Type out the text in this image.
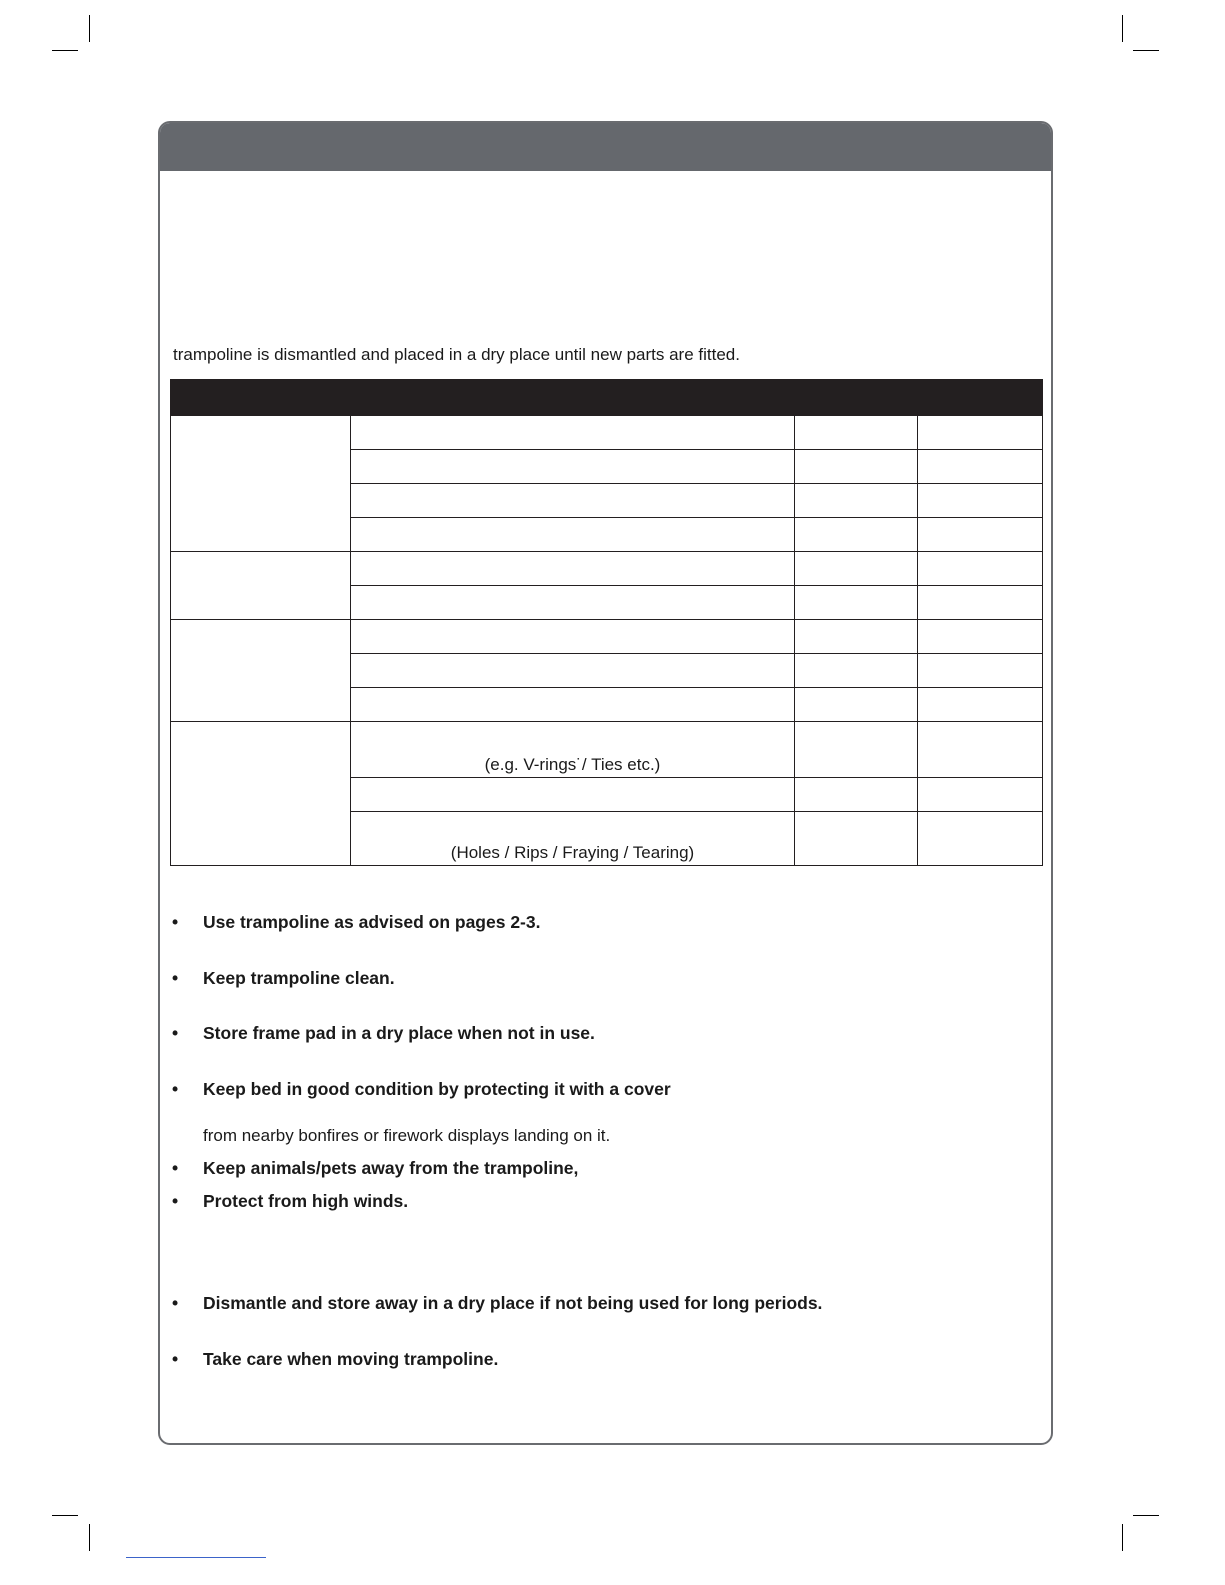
trampoline is dismantled and placed in a dry place until new parts are fitted.

	(e.g. V-rings˙/ Ties etc.)		

	(Holes / Rips / Fraying / Tearing)		
• Use trampoline as advised on pages 2-3.
• Keep trampoline clean.
• Store frame pad in a dry place when not in use.
• Keep bed in good condition by protecting it with a cover
from nearby bonfires or firework displays landing on it.
• Keep animals/pets away from the trampoline,
• Protect from high winds.
• Dismantle and store away in a dry place if not being used for long periods.
• Take care when moving trampoline.
